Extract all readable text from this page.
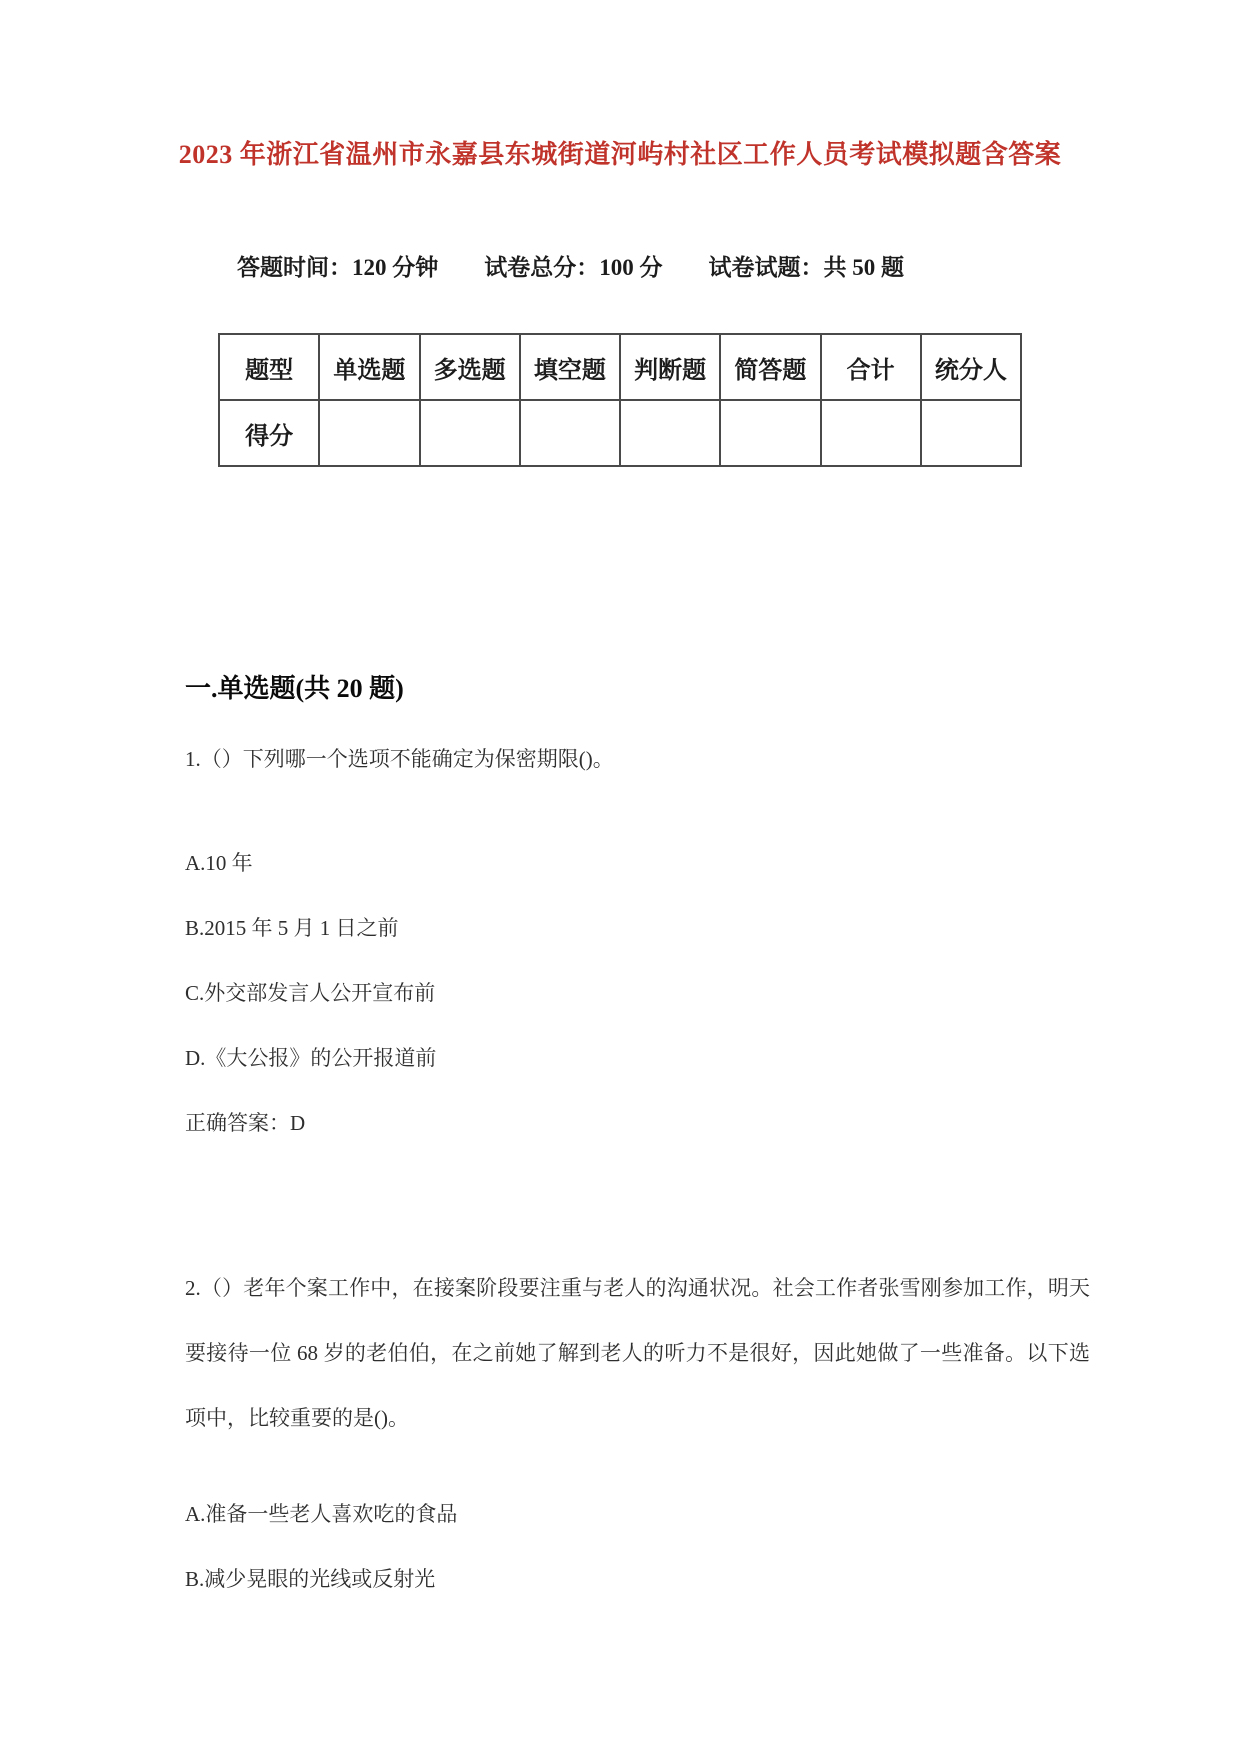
2023 年浙江省温州市永嘉县东城街道河屿村社区工作人员考试模拟题含答案
答题时间：120 分钟 试卷总分：100 分 试卷试题：共 50 题
题型	单选题	多选题	填空题	判断题	简答题	合计	统分人
得分							
一.单选题(共 20 题)

1.（）下列哪一个选项不能确定为保密期限()。

A.10 年
B.2015 年 5 月 1 日之前
C.外交部发言人公开宣布前
D.《大公报》的公开报道前
正确答案：D

2.（）老年个案工作中，在接案阶段要注重与老人的沟通状况。社会工作者张雪刚参加工作，明天要接待一位 68 岁的老伯伯，在之前她了解到老人的听力不是很好，因此她做了一些准备。以下选项中，比较重要的是()。

A.准备一些老人喜欢吃的食品
B.减少晃眼的光线或反射光
